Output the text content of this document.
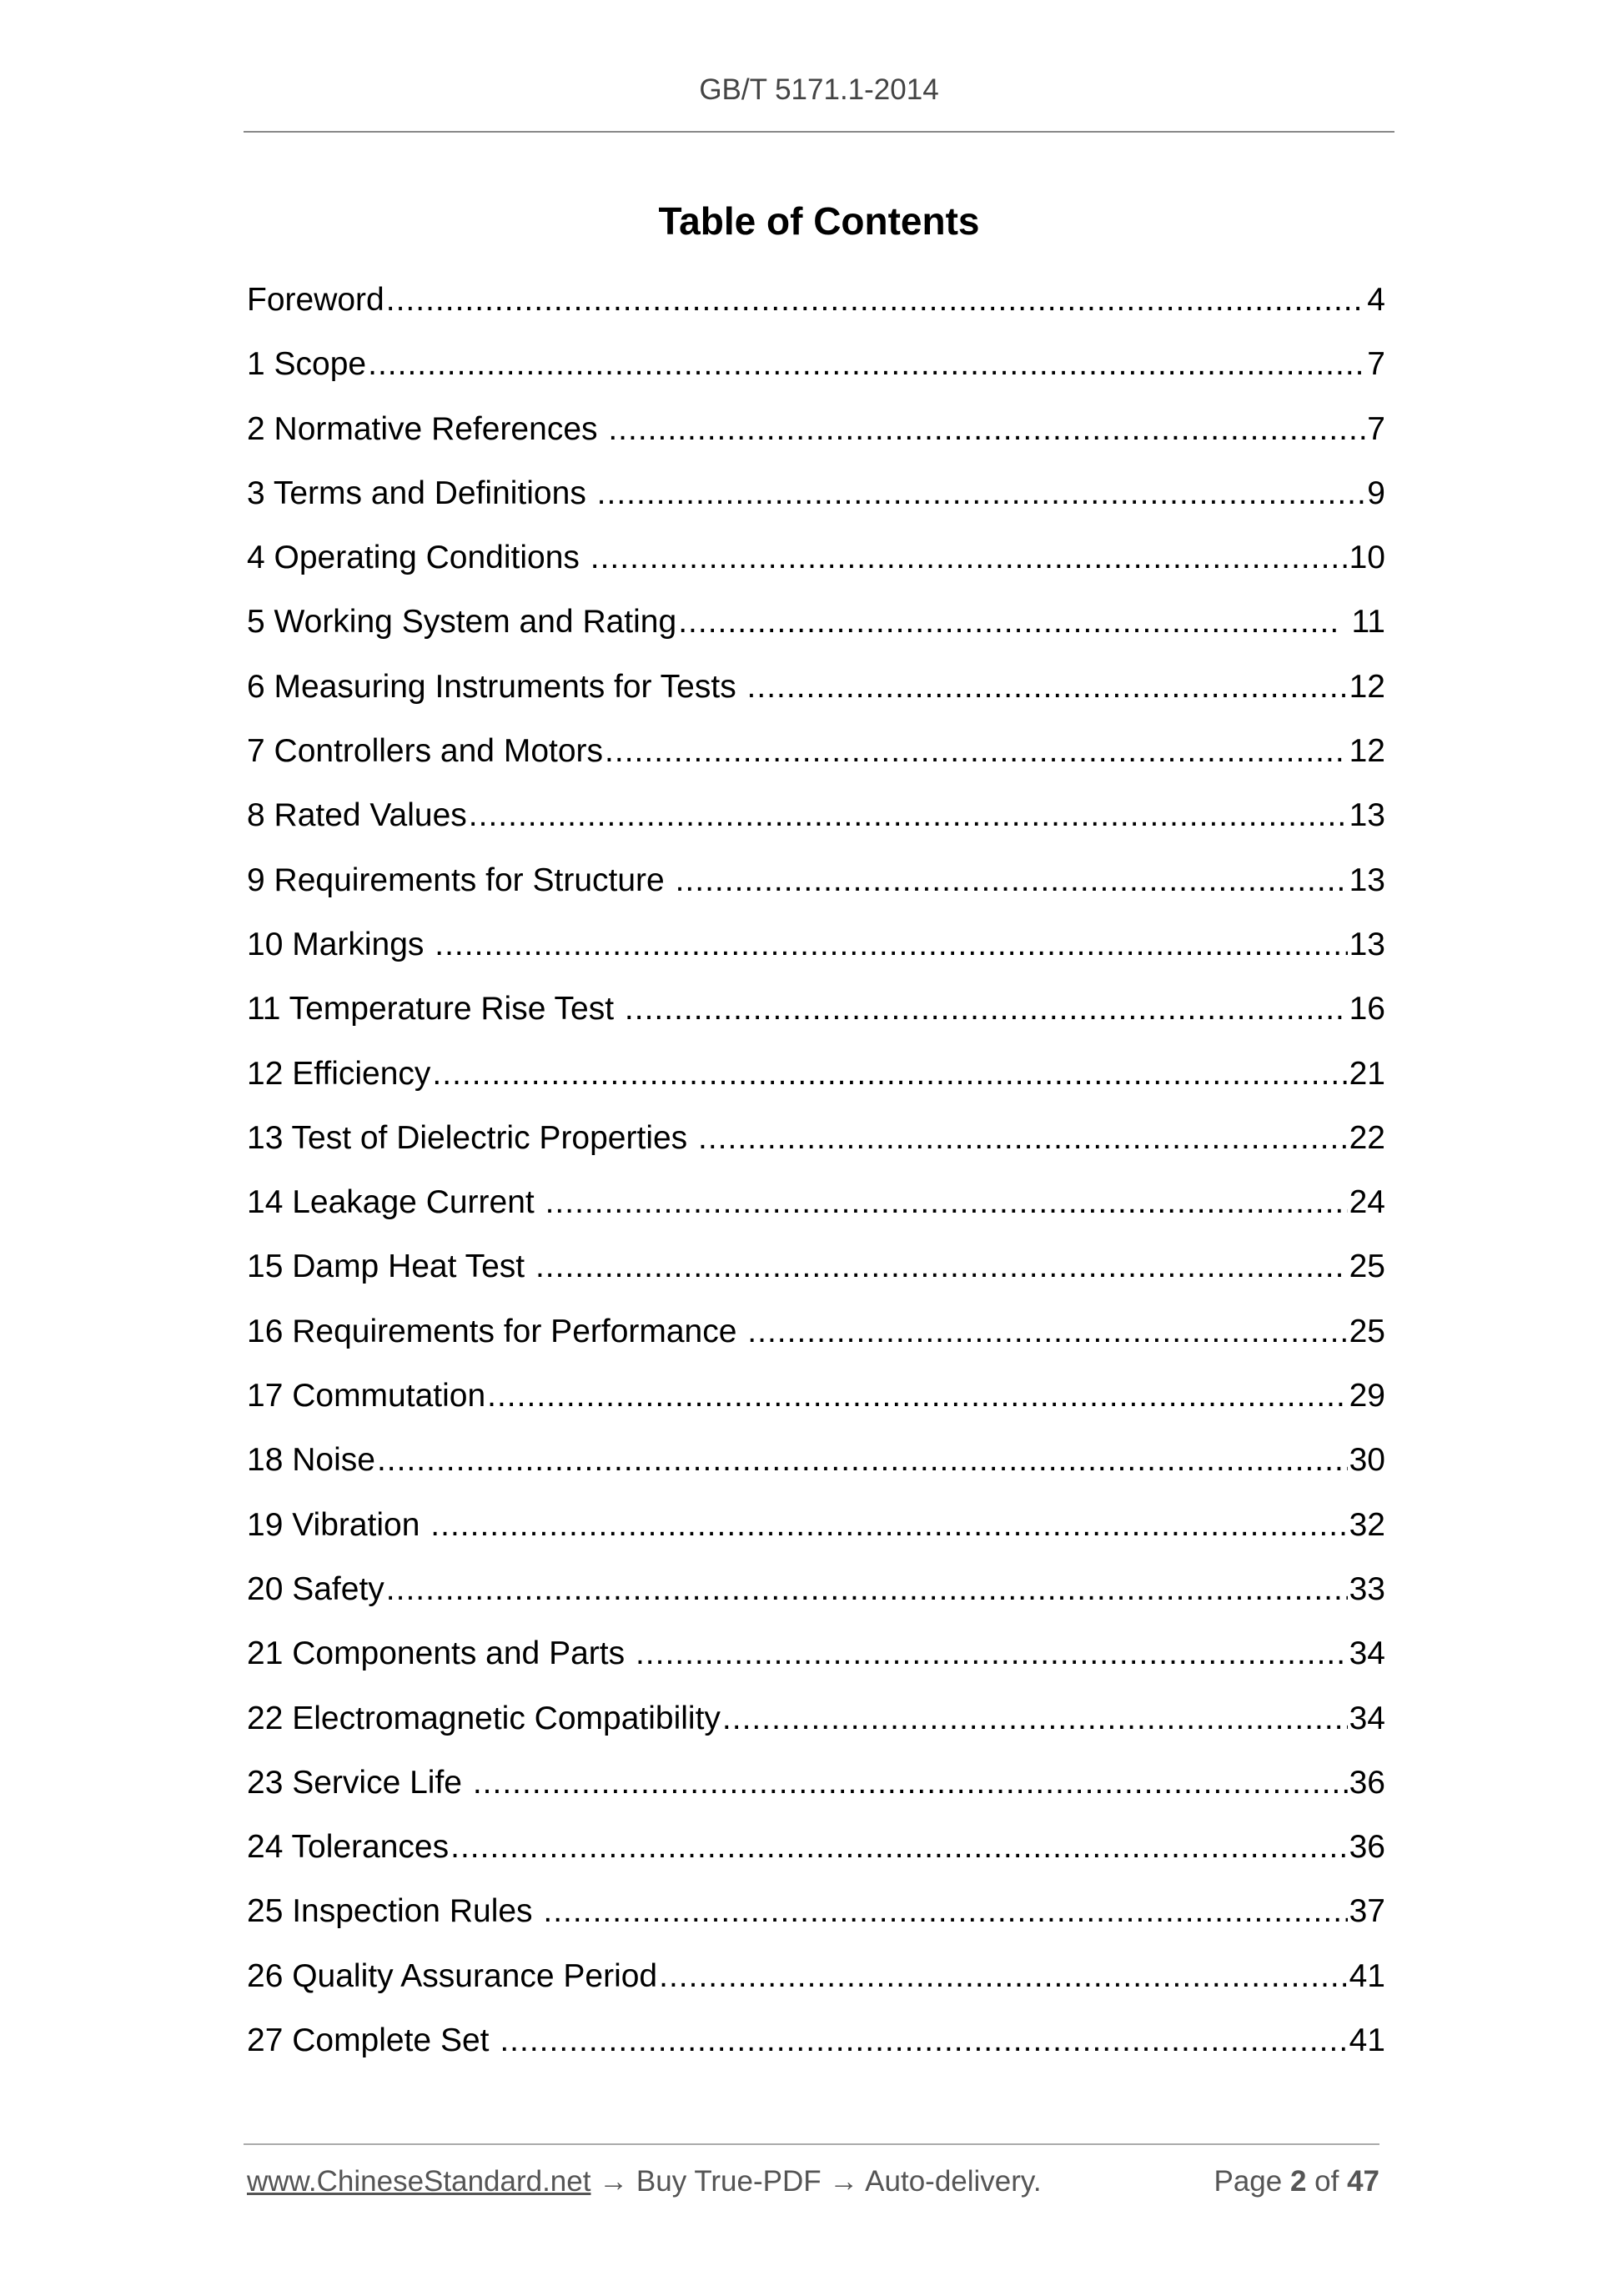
GB/T 5171.1-2014
Table of Contents
Foreword .....	4
1 Scope .....	7
2 Normative References .....	7
3 Terms and Definitions .....	9
4 Operating Conditions .....	10
5 Working System and Rating .....	11
6 Measuring Instruments for Tests .....	12
7 Controllers and Motors .....	12
8 Rated Values .....	13
9 Requirements for Structure .....	13
10 Markings .....	13
11 Temperature Rise Test .....	16
12 Efficiency .....	21
13 Test of Dielectric Properties .....	22
14 Leakage Current .....	24
15 Damp Heat Test .....	25
16 Requirements for Performance .....	25
17 Commutation .....	29
18 Noise .....	30
19 Vibration .....	32
20 Safety .....	33
21 Components and Parts .....	34
22 Electromagnetic Compatibility .....	34
23 Service Life .....	36
24 Tolerances .....	36
25 Inspection Rules .....	37
26 Quality Assurance Period .....	41
27 Complete Set .....	41
www.ChineseStandard.net → Buy True-PDF → Auto-delivery.	Page 2 of 47
